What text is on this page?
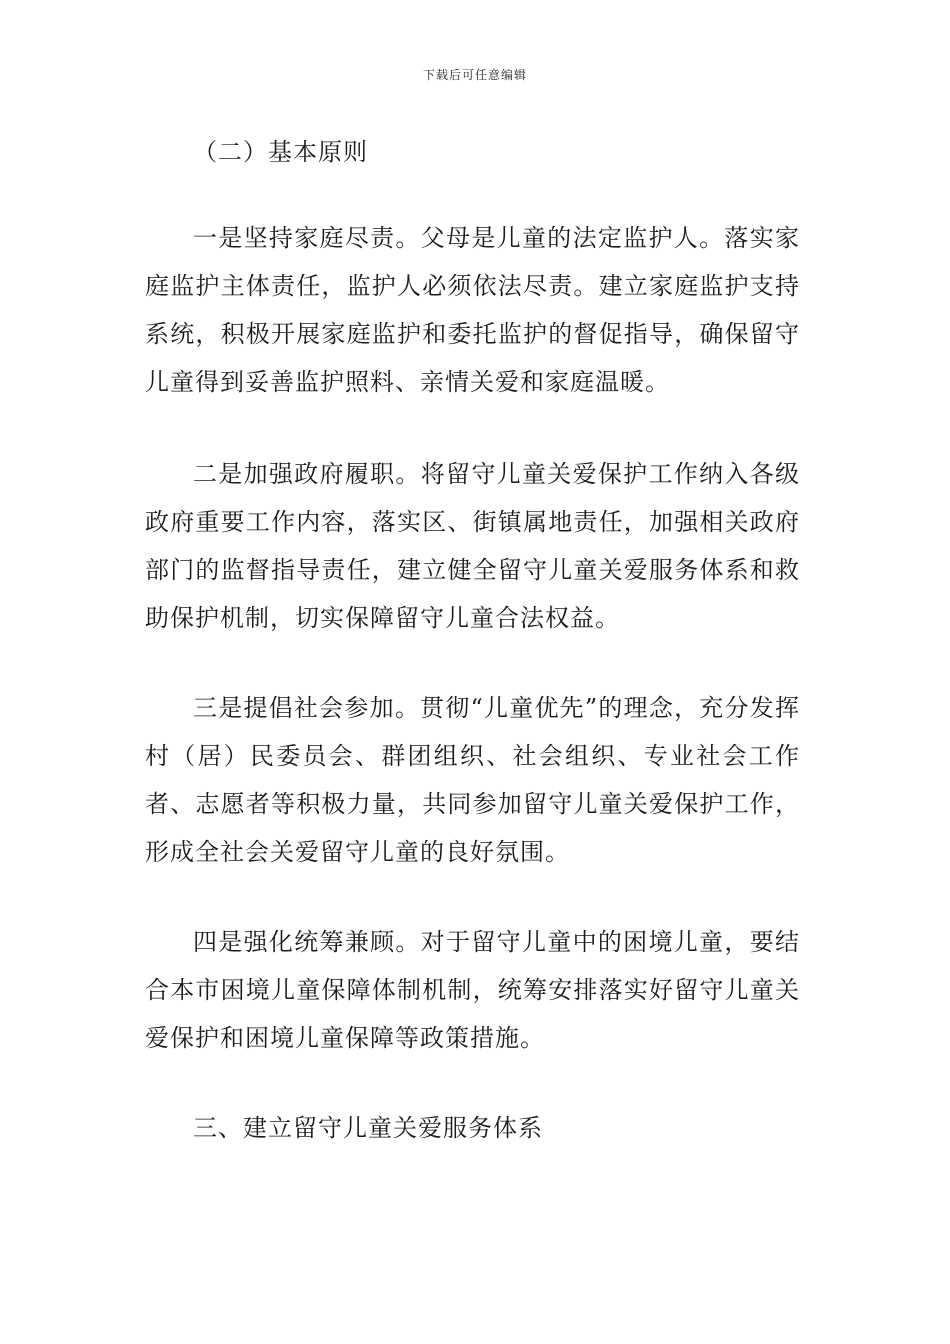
下载后可任意编辑
（二）基本原则

一是坚持家庭尽责。父母是儿童的法定监护人。落实家庭监护主体责任，监护人必须依法尽责。建立家庭监护支持系统，积极开展家庭监护和委托监护的督促指导，确保留守儿童得到妥善监护照料、亲情关爱和家庭温暖。

二是加强政府履职。将留守儿童关爱保护工作纳入各级政府重要工作内容，落实区、街镇属地责任，加强相关政府部门的监督指导责任，建立健全留守儿童关爱服务体系和救助保护机制，切实保障留守儿童合法权益。

三是提倡社会参加。贯彻“儿童优先”的理念，充分发挥村（居）民委员会、群团组织、社会组织、专业社会工作者、志愿者等积极力量，共同参加留守儿童关爱保护工作，形成全社会关爱留守儿童的良好氛围。

四是强化统筹兼顾。对于留守儿童中的困境儿童，要结合本市困境儿童保障体制机制，统筹安排落实好留守儿童关爱保护和困境儿童保障等政策措施。

三、建立留守儿童关爱服务体系
